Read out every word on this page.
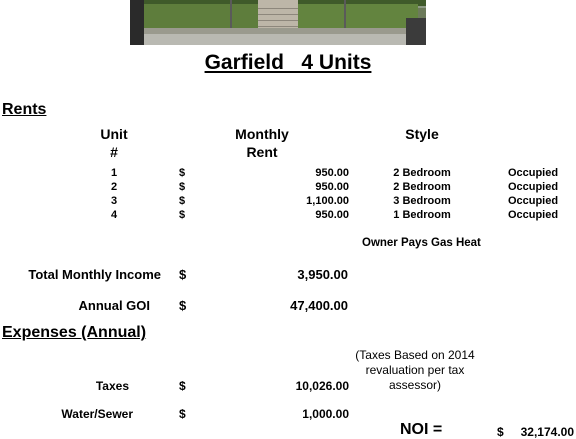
Garfield   4 Units
Rents
Unit
#
Monthly
Rent
Style
1	$	950.00	2 Bedroom	Occupied
2	$	950.00	2 Bedroom	Occupied
3	$	1,100.00	3 Bedroom	Occupied
4	$	950.00	1 Bedroom	Occupied
Owner Pays Gas Heat
Total Monthly Income $	3,950.00
Annual GOI $	47,400.00
Expenses (Annual)
(Taxes Based on 2014 revaluation per tax assessor)
Taxes	$	10,026.00
Water/Sewer	$	1,000.00
NOI =	$	32,174.00
